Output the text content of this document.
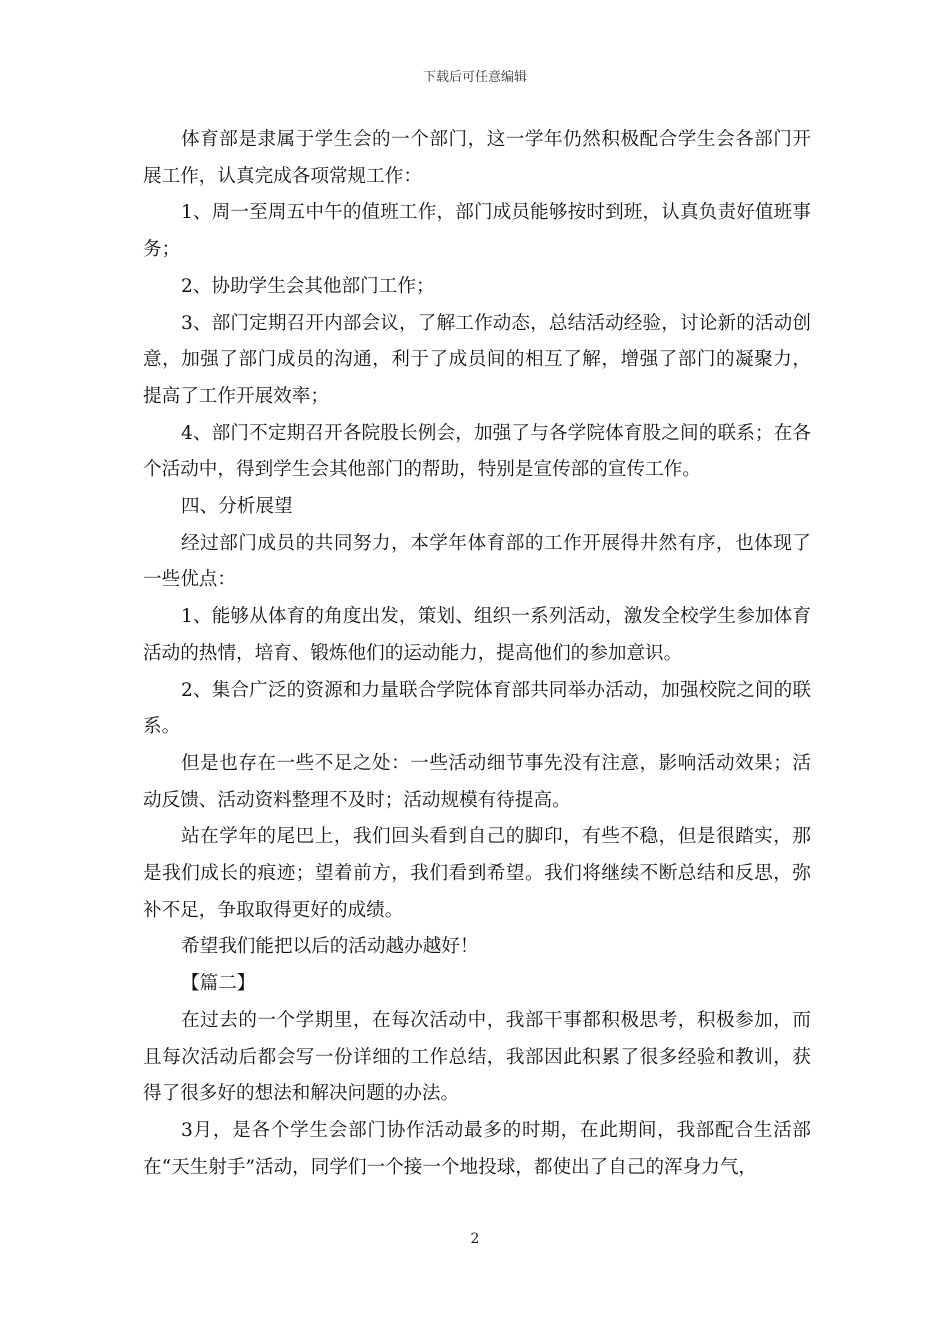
下载后可任意编辑

体育部是隶属于学生会的一个部门，这一学年仍然积极配合学生会各部门开展工作，认真完成各项常规工作：

1、周一至周五中午的值班工作，部门成员能够按时到班，认真负责好值班事务；

2、协助学生会其他部门工作；

3、部门定期召开内部会议，了解工作动态，总结活动经验，讨论新的活动创意，加强了部门成员的沟通，利于了成员间的相互了解，增强了部门的凝聚力，提高了工作开展效率；

4、部门不定期召开各院股长例会，加强了与各学院体育股之间的联系；在各个活动中，得到学生会其他部门的帮助，特别是宣传部的宣传工作。

四、分析展望

经过部门成员的共同努力，本学年体育部的工作开展得井然有序，也体现了一些优点：

1、能够从体育的角度出发，策划、组织一系列活动，激发全校学生参加体育活动的热情，培育、锻炼他们的运动能力，提高他们的参加意识。

2、集合广泛的资源和力量联合学院体育部共同举办活动，加强校院之间的联系。

但是也存在一些不足之处：一些活动细节事先没有注意，影响活动效果；活动反馈、活动资料整理不及时；活动规模有待提高。

站在学年的尾巴上，我们回头看到自己的脚印，有些不稳，但是很踏实，那是我们成长的痕迹；望着前方，我们看到希望。我们将继续不断总结和反思，弥补不足，争取取得更好的成绩。

希望我们能把以后的活动越办越好！

【篇二】

在过去的一个学期里，在每次活动中，我部干事都积极思考，积极参加，而且每次活动后都会写一份详细的工作总结，我部因此积累了很多经验和教训，获得了很多好的想法和解决问题的办法。

3月，是各个学生会部门协作活动最多的时期，在此期间，我部配合生活部在“天生射手”活动，同学们一个接一个地投球，都使出了自己的浑身力气，

2
